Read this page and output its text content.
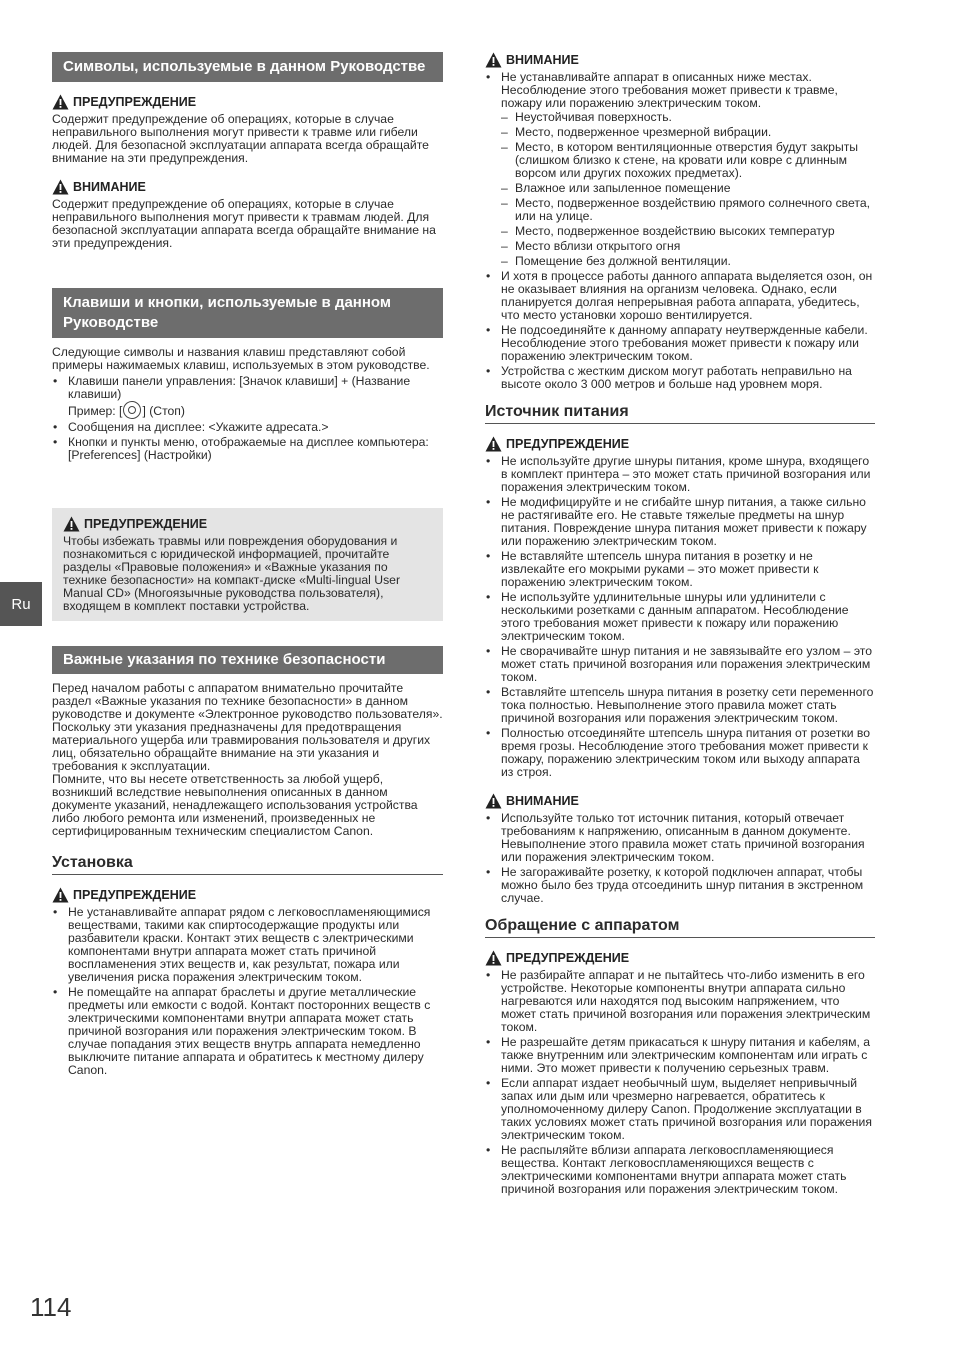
Ru
Символы, используемые в данном Руководстве
ПРЕДУПРЕЖДЕНИЕ

Содержит предупреждение об операциях, которые в случае неправильного выполнения могут привести к травме или гибели людей. Для безопасной эксплуатации аппарата всегда обращайте внимание на эти предупреждения.

ВНИМАНИЕ

Содержит предупреждение об операциях, которые в случае неправильного выполнения могут привести к травмам людей. Для безопасной эксплуатации аппарата всегда обращайте внимание на эти предупреждения.

Клавиши и кнопки, используемые в данном Руководстве

Следующие символы и названия клавиш представляют собой примеры нажимаемых клавиш, используемых в этом руководстве.

• Клавиши панели управления: [Значок клавиши] + (Название клавиши)
Пример: [ ] (Стоп)
• Сообщения на дисплее: <Укажите адресата.>
• Кнопки и пункты меню, отображаемые на дисплее компьютера: [Preferences] (Настройки)
ПРЕДУПРЕЖДЕНИЕ

Чтобы избежать травмы или повреждения оборудования и познакомиться с юридической информацией, прочитайте разделы «Правовые положения» и «Важные указания по технике безопасности» на компакт-диске «Multi-lingual User Manual CD» (Многоязычные руководства пользователя), входящем в комплект поставки устройства.

Важные указания по технике безопасности

Перед началом работы с аппаратом внимательно прочитайте раздел «Важные указания по технике безопасности» в данном руководстве и документе «Электронное руководство пользователя».

Поскольку эти указания предназначены для предотвращения материального ущерба или травмирования пользователя и других лиц, обязательно обращайте внимание на эти указания и требования к эксплуатации.

Помните, что вы несете ответственность за любой ущерб, возникший вследствие невыполнения описанных в данном документе указаний, ненадлежащего использования устройства либо любого ремонта или изменений, произведенных не сертифицированным техническим специалистом Canon.

Установка
ПРЕДУПРЕЖДЕНИЕ
• Не устанавливайте аппарат рядом с легковоспламеняющимися веществами, такими как спиртосодержащие продукты или разбавители краски. Контакт этих веществ с электрическими компонентами внутри аппарата может стать причиной воспламенения этих веществ и, как результат, пожара или увеличения риска поражения электрическим током.
• Не помещайте на аппарат браслеты и другие металлические предметы или емкости с водой. Контакт посторонних веществ с электрическими компонентами внутри аппарата может стать причиной возгорания или поражения электрическим током. В случае попадания этих веществ внутрь аппарата немедленно выключите питание аппарата и обратитесь к местному дилеру Canon.
ВНИМАНИЕ
• Не устанавливайте аппарат в описанных ниже местах. Несоблюдение этого требования может привести к травме, пожару или поражению электрическим током.
– Неустойчивая поверхность.
– Место, подверженное чрезмерной вибрации.
– Место, в котором вентиляционные отверстия будут закрыты (слишком близко к стене, на кровати или ковре с длинным ворсом или других похожих предметах).
– Влажное или запыленное помещение
– Место, подверженное воздействию прямого солнечного света, или на улице.
– Место, подверженное воздействию высоких температур
– Место вблизи открытого огня
– Помещение без должной вентиляции.
• И хотя в процессе работы данного аппарата выделяется озон, он не оказывает влияния на организм человека. Однако, если планируется долгая непрерывная работа аппарата, убедитесь, что место установки хорошо вентилируется.
• Не подсоединяйте к данному аппарату неутвержденные кабели. Несоблюдение этого требования может привести к пожару или поражению электрическим током.
• Устройства с жестким диском могут работать неправильно на высоте около 3 000 метров и больше над уровнем моря.
Источник питания
ПРЕДУПРЕЖДЕНИЕ
• Не используйте другие шнуры питания, кроме шнура, входящего в комплект принтера – это может стать причиной возгорания или поражения электрическим током.
• Не модифицируйте и не сгибайте шнур питания, а также сильно не растягивайте его. Не ставьте тяжелые предметы на шнур питания. Повреждение шнура питания может привести к пожару или поражению электрическим током.
• Не вставляйте штепсель шнура питания в розетку и не извлекайте его мокрыми руками – это может привести к поражению электрическим током.
• Не используйте удлинительные шнуры или удлинители с несколькими розетками с данным аппаратом. Несоблюдение этого требования может привести к пожару или поражению электрическим током.
• Не сворачивайте шнур питания и не завязывайте его узлом – это может стать причиной возгорания или поражения электрическим током.
• Вставляйте штепсель шнура питания в розетку сети переменного тока полностью. Невыполнение этого правила может стать причиной возгорания или поражения электрическим током.
• Полностью отсоединяйте штепсель шнура питания от розетки во время грозы. Несоблюдение этого требования может привести к пожару, поражению электрическим током или выходу аппарата из строя.
ВНИМАНИЕ
• Используйте только тот источник питания, который отвечает требованиям к напряжению, описанным в данном документе. Невыполнение этого правила может стать причиной возгорания или поражения электрическим током.
• Не загораживайте розетку, к которой подключен аппарат, чтобы можно было без труда отсоединить шнур питания в экстренном случае.
Обращение с аппаратом
ПРЕДУПРЕЖДЕНИЕ
• Не разбирайте аппарат и не пытайтесь что-либо изменить в его устройстве. Некоторые компоненты внутри аппарата сильно нагреваются или находятся под высоким напряжением, что может стать причиной возгорания или поражения электрическим током.
• Не разрешайте детям прикасаться к шнуру питания и кабелям, а также внутренним или электрическим компонентам или играть с ними. Это может привести к получению серьезных травм.
• Если аппарат издает необычный шум, выделяет непривычный запах или дым или чрезмерно нагревается, обратитесь к уполномоченному дилеру Canon. Продолжение эксплуатации в таких условиях может стать причиной возгорания или поражения электрическим током.
• Не распыляйте вблизи аппарата легковоспламеняющиеся вещества. Контакт легковоспламеняющихся веществ с электрическими компонентами внутри аппарата может стать причиной возгорания или поражения электрическим током.
114
